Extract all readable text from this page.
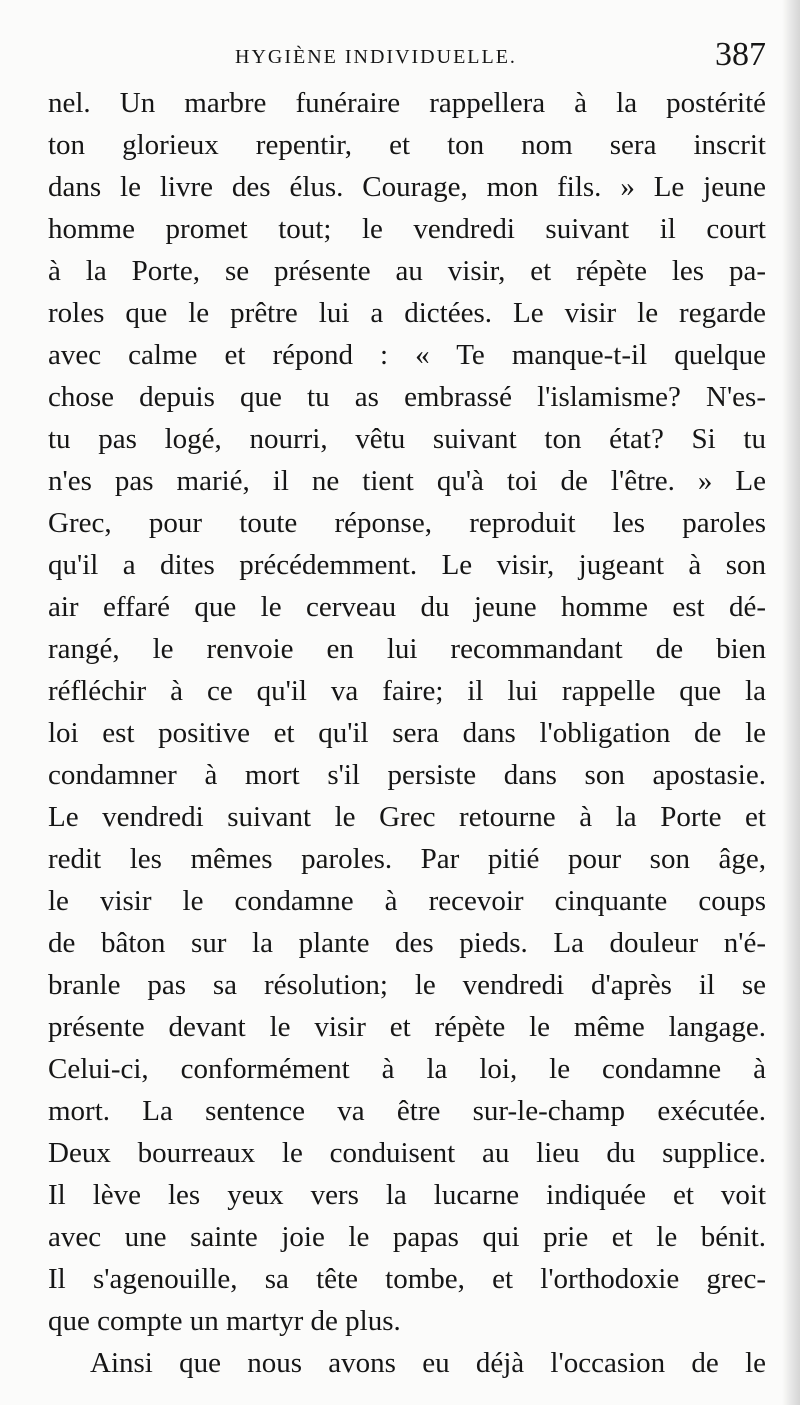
HYGIÈNE INDIVIDUELLE.	387
nel. Un marbre funéraire rappellera à la postérité
ton glorieux repentir, et ton nom sera inscrit
dans le livre des élus. Courage, mon fils. » Le jeune
homme promet tout; le vendredi suivant il court
à la Porte, se présente au visir, et répète les pa-
roles que le prêtre lui a dictées. Le visir le regarde
avec calme et répond : « Te manque-t-il quelque
chose depuis que tu as embrassé l'islamisme? N'es-
tu pas logé, nourri, vêtu suivant ton état? Si tu
n'es pas marié, il ne tient qu'à toi de l'être. » Le
Grec, pour toute réponse, reproduit les paroles
qu'il a dites précédemment. Le visir, jugeant à son
air effaré que le cerveau du jeune homme est dé-
rangé, le renvoie en lui recommandant de bien
réfléchir à ce qu'il va faire; il lui rappelle que la
loi est positive et qu'il sera dans l'obligation de le
condamner à mort s'il persiste dans son apostasie.
Le vendredi suivant le Grec retourne à la Porte et
redit les mêmes paroles. Par pitié pour son âge,
le visir le condamne à recevoir cinquante coups
de bâton sur la plante des pieds. La douleur n'é-
branle pas sa résolution; le vendredi d'après il se
présente devant le visir et répète le même langage.
Celui-ci, conformément à la loi, le condamne à
mort. La sentence va être sur-le-champ exécutée.
Deux bourreaux le conduisent au lieu du supplice.
Il lève les yeux vers la lucarne indiquée et voit
avec une sainte joie le papas qui prie et le bénit.
Il s'agenouille, sa tête tombe, et l'orthodoxie grec-
que compte un martyr de plus.
Ainsi que nous avons eu déjà l'occasion de le
